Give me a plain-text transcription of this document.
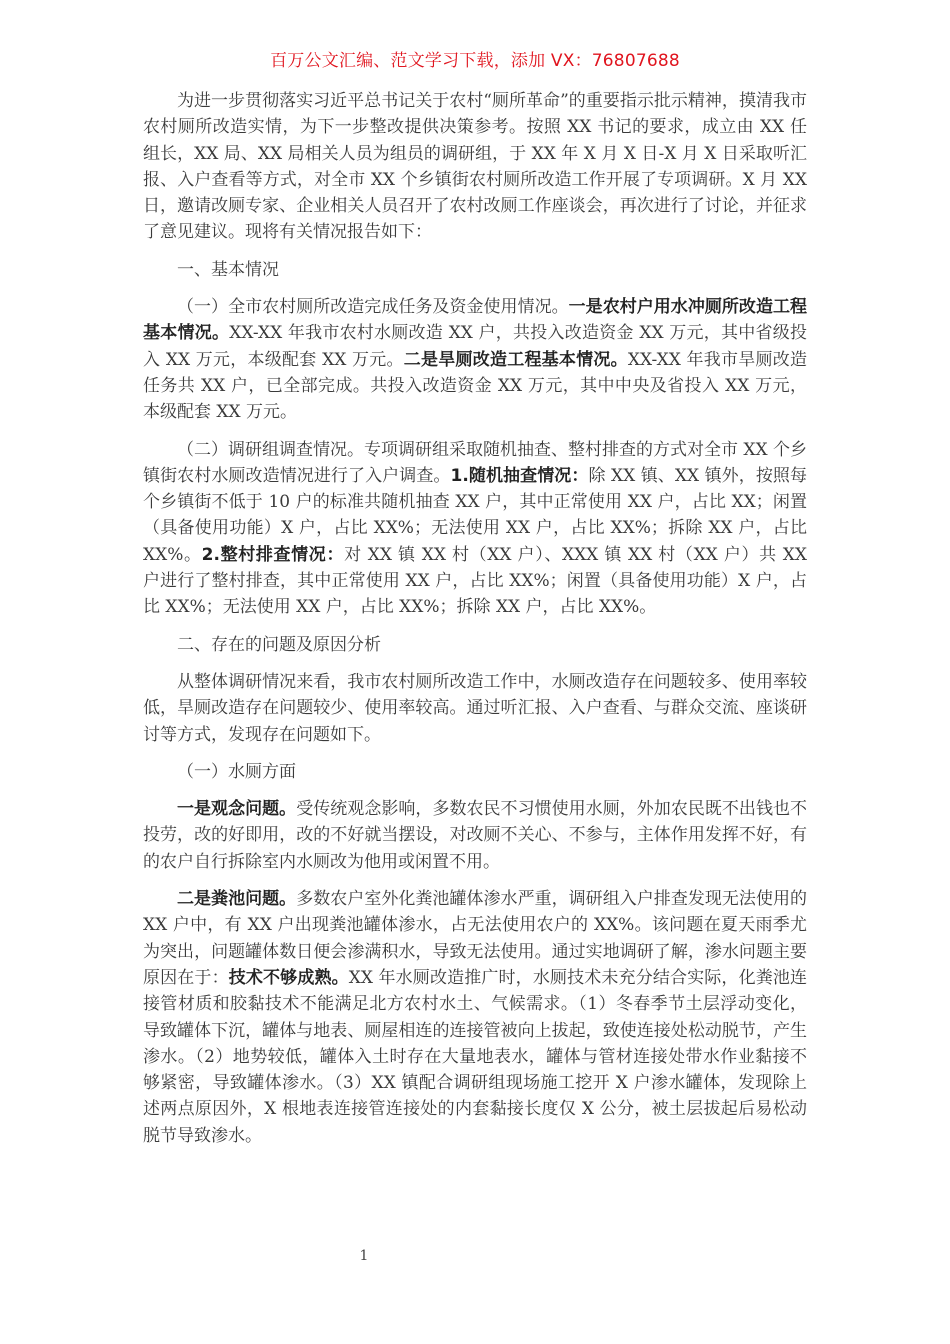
百万公文汇编、范文学习下载，添加 VX：76807688

为进一步贯彻落实习近平总书记关于农村“厕所革命”的重要指示批示精神，摸清我市农村厕所改造实情，为下一步整改提供决策参考。按照 XX 书记的要求，成立由 XX 任组长，XX 局、XX 局相关人员为组员的调研组，于 XX 年 X 月 X 日-X 月 X 日采取听汇报、入户查看等方式，对全市 XX 个乡镇街农村厕所改造工作开展了专项调研。X 月 XX 日，邀请改厕专家、企业相关人员召开了农村改厕工作座谈会，再次进行了讨论，并征求了意见建议。现将有关情况报告如下：

一、基本情况

（一）全市农村厕所改造完成任务及资金使用情况。一是农村户用水冲厕所改造工程基本情况。XX-XX 年我市农村水厕改造 XX 户，共投入改造资金 XX 万元，其中省级投入 XX 万元，本级配套 XX 万元。二是旱厕改造工程基本情况。XX-XX 年我市旱厕改造任务共 XX 户，已全部完成。共投入改造资金 XX 万元，其中中央及省投入 XX 万元，本级配套 XX 万元。

（二）调研组调查情况。专项调研组采取随机抽查、整村排查的方式对全市 XX 个乡镇街农村水厕改造情况进行了入户调查。1.随机抽查情况：除 XX 镇、XX 镇外，按照每个乡镇街不低于 10 户的标准共随机抽查 XX 户，其中正常使用 XX 户，占比 XX；闲置（具备使用功能）X 户，占比 XX%；无法使用 XX 户，占比 XX%；拆除 XX 户，占比 XX%。2.整村排查情况：对 XX 镇 XX 村（XX 户）、XXX 镇 XX 村（XX 户）共 XX 户进行了整村排查，其中正常使用 XX 户，占比 XX%；闲置（具备使用功能）X 户，占比 XX%；无法使用 XX 户，占比 XX%；拆除 XX 户，占比 XX%。

二、存在的问题及原因分析

从整体调研情况来看，我市农村厕所改造工作中，水厕改造存在问题较多、使用率较低，旱厕改造存在问题较少、使用率较高。通过听汇报、入户查看、与群众交流、座谈研讨等方式，发现存在问题如下。

（一）水厕方面

一是观念问题。受传统观念影响，多数农民不习惯使用水厕，外加农民既不出钱也不投劳，改的好即用，改的不好就当摆设，对改厕不关心、不参与，主体作用发挥不好，有的农户自行拆除室内水厕改为他用或闲置不用。

二是粪池问题。多数农户室外化粪池罐体渗水严重，调研组入户排查发现无法使用的 XX 户中，有 XX 户出现粪池罐体渗水，占无法使用农户的 XX%。该问题在夏天雨季尤为突出，问题罐体数日便会渗满积水，导致无法使用。通过实地调研了解，渗水问题主要原因在于：技术不够成熟。XX 年水厕改造推广时，水厕技术未充分结合实际，化粪池连接管材质和胶黏技术不能满足北方农村水土、气候需求。（1）冬春季节土层浮动变化，导致罐体下沉，罐体与地表、厕屋相连的连接管被向上拔起，致使连接处松动脱节，产生渗水。（2）地势较低，罐体入土时存在大量地表水，罐体与管材连接处带水作业黏接不够紧密，导致罐体渗水。（3）XX 镇配合调研组现场施工挖开 X 户渗水罐体，发现除上述两点原因外，X 根地表连接管连接处的内套黏接长度仅 X 公分，被土层拔起后易松动脱节导致渗水。

1
